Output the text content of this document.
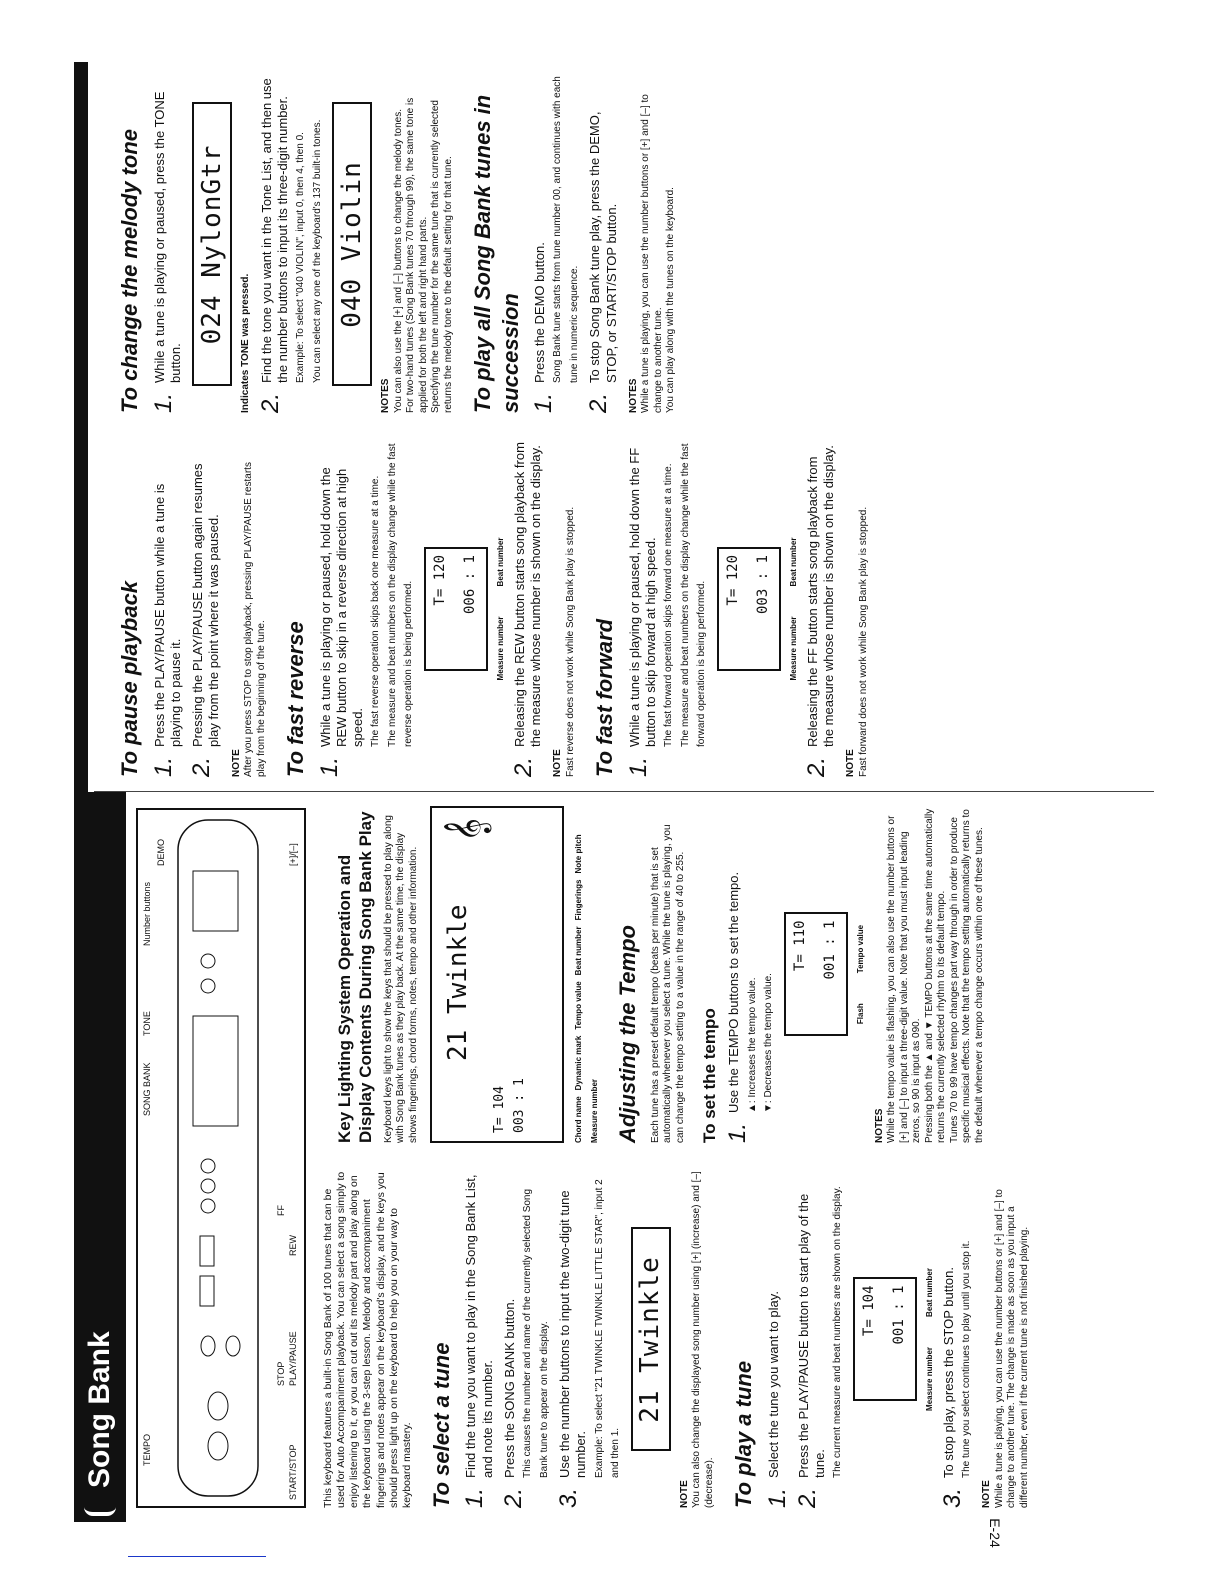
Song Bank	TEMPO	START/STOP
STOP PLAY/PAUSE
REW
FF
SONG BANK
TONE
Number buttons
DEMO	[+]/[–]
This keyboard features a built-in Song Bank of 100 tunes that can be used for Auto Accompaniment playback. You can select a song simply to enjoy listening to it, or you can cut out its melody part and play along on the keyboard using the 3-step lesson. Melody and accompaniment fingerings and notes appear on the keyboard's display, and the keys you should press light up on the keyboard to help you on your way to keyboard mastery. To select a tune 1.
Find the tune you want to play in the Song Bank List, and note its number.
2.
Press the SONG BANK button. This causes the number and name of the currently selected Song Bank tune to appear on the display.
3.
Use the number buttons to input the two-digit tune number. Example: To select "21 TWINKLE TWINKLE LITTLE STAR", input 2 and then 1.
21 Twinkle
NOTE You can also change the displayed song number using [+] (increase) and [–] (decrease). To play a tune 1.
Select the tune you want to play.
2.
Press the PLAY/PAUSE button to start play of the tune. The current measure and beat numbers are shown on the display. T= 104 001 : 1
Measure number
Beat number
3.
To stop play, press the STOP button. The tune you select continues to play until you stop it.
NOTE While a tune is playing, you can use the number buttons or [+] and [–] to change to another tune. The change is made as soon as you input a different number, even if the current tune is not finished playing.
Key Lighting System Operation and Display Contents During Song Bank Play Keyboard keys light to show the keys that should be pressed to play along with Song Bank tunes as they play back. At the same time, the display shows fingerings, chord forms, notes, tempo and other information. 21 Twinkle
T= 104 003 : 1
𝄞
Chord name
Dynamic mark
Tempo value
Beat number
Fingerings
Note pitch
Measure number Adjusting the Tempo Each tune has a preset default tempo (beats per minute) that is set automatically whenever you select a tune. While the tune is playing, you can change the tempo setting to a value in the range of 40 to 255. To set the tempo 1.
Use the TEMPO buttons to set the tempo. ▲: Increases the tempo value. ▼: Decreases the tempo value.
T= 110 001 : 1
Flash
Tempo value
NOTES While the tempo value is flashing, you can also use the number buttons or [+] and [–] to input a three-digit value. Note that you must input leading zeros, so 90 is input as 090. Pressing both the ▲ and ▼ TEMPO buttons at the same time automatically returns the currently selected rhythm to its default tempo. Tunes 70 to 99 have tempo changes part way through in order to produce specific musical effects. Note that the tempo setting automatically returns to the default whenever a tempo change occurs within one of these tunes.
To pause playback 1.
Press the PLAY/PAUSE button while a tune is playing to pause it.
2.
Pressing the PLAY/PAUSE button again resumes play from the point where it was paused.
NOTE After you press STOP to stop playback, pressing PLAY/PAUSE restarts play from the beginning of the tune. To fast reverse 1.
While a tune is playing or paused, hold down the REW button to skip in a reverse direction at high speed. The fast reverse operation skips back one measure at a time. The measure and beat numbers on the display change while the fast reverse operation is being performed.
T= 120 006 : 1
Measure number
Beat number
2.
Releasing the REW button starts song playback from the measure whose number is shown on the display.
NOTE Fast reverse does not work while Song Bank play is stopped. To fast forward 1.
While a tune is playing or paused, hold down the FF button to skip forward at high speed. The fast forward operation skips forward one measure at a time. The measure and beat numbers on the display change while the fast forward operation is being performed.
T= 120 003 : 1
Measure number
Beat number
2.
Releasing the FF button starts song playback from the measure whose number is shown on the display.
NOTE Fast forward does not work while Song Bank play is stopped.
To change the melody tone 1.
While a tune is playing or paused, press the TONE button.
024 NylonGtr Indicates TONE was pressed. 2.
Find the tone you want in the Tone List, and then use the number buttons to input its three-digit number. Example: To select "040 VIOLIN", input 0, then 4, then 0. You can select any one of the keyboard's 137 built-in tones. 040 Violin
NOTES You can also use the [+] and [–] buttons to change the melody tones. For two-hand tunes (Song Bank tunes 70 through 99), the same tone is applied for both the left and right hand parts. Specifying the tune number for the same tune that is currently selected returns the melody tone to the default setting for that tune. To play all Song Bank tunes in succession 1.
Press the DEMO button. Song Bank tune starts from tune number 00, and continues with each tune in numeric sequence.
2.
To stop Song Bank tune play, press the DEMO, STOP, or START/STOP button.
NOTES While a tune is playing, you can use the number buttons or [+] and [–] to change to another tune. You can play along with the tunes on the keyboard.
E-24
